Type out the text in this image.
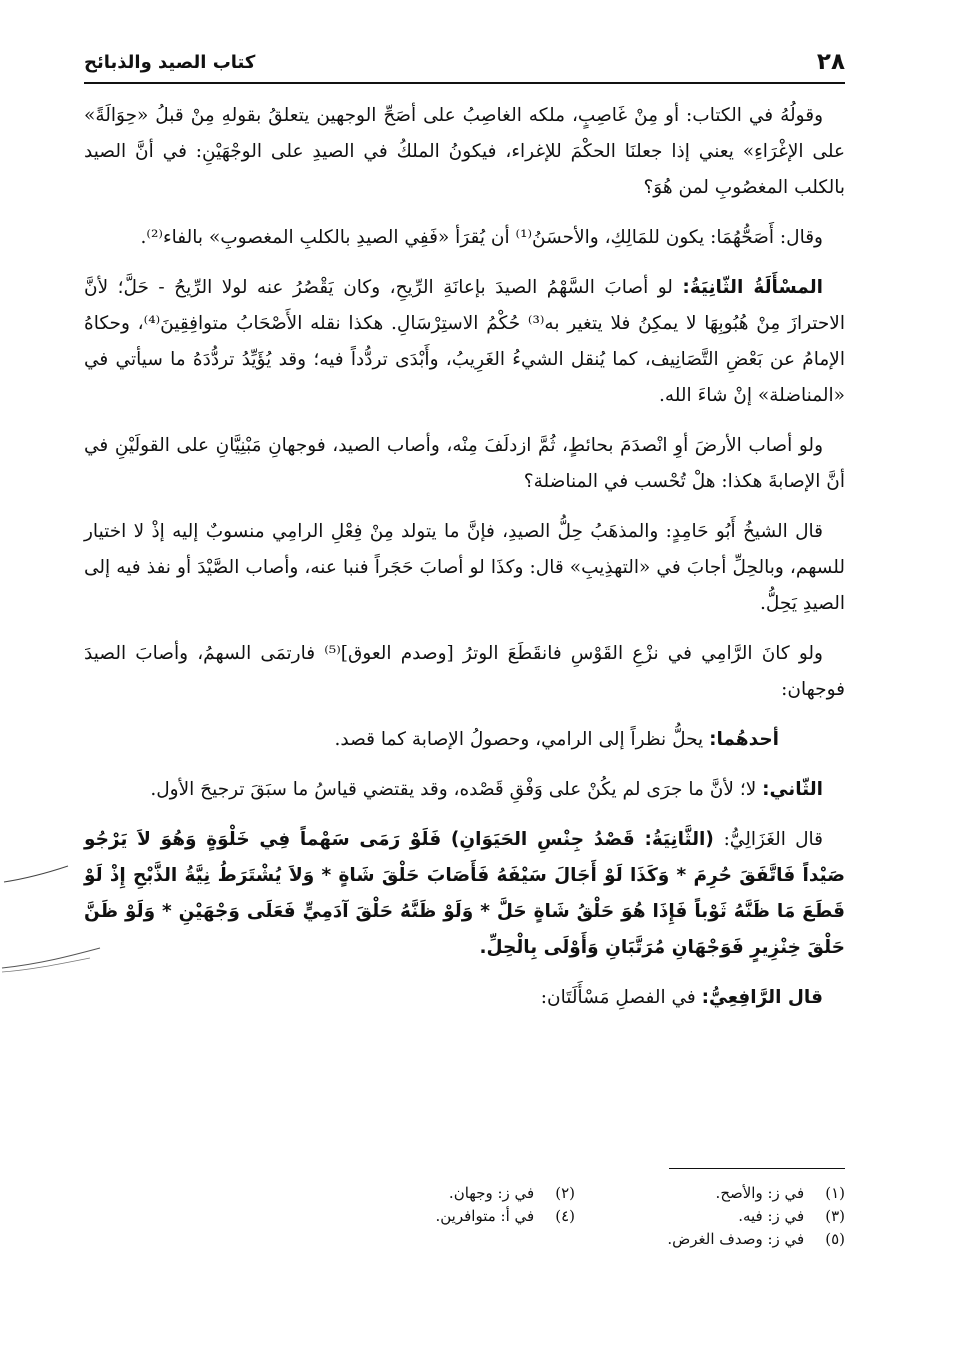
٢٨
كتاب الصيد والذبائح

وقولُهُ في الكتاب: أو مِنْ غَاصِبٍ، ملكه الغاصِبُ على أصَحِّ الوجهين يتعلقُ بقولهِ مِنْ قبلُ «حِوَالَةً» على الإغْرَاءِ» يعني إذا جعلنَا الحكْمَ للإغراء، فيكونُ الملكُ في الصيدِ على الوجْهَيْنِ: في أنَّ الصيد بالكلب المغصُوبِ لمن هُوَ؟

وقال: أَصَحُّهُمَا: يكون للمَالِكِ، والأحسَنُ⁽¹⁾ أن يُقرَأ «فَفِي الصيدِ بالكلبِ المغصوبِ» بالفاء⁽²⁾.

المسْأَلَةُ الثّانِيَةُ: لو أصابَ السَّهْمُ الصيدَ بإعانَةِ الرِّيحِ، وكان يَقْصُرُ عنه لولا الرِّيحُ - حَلَّ؛ لأنَّ الاحترازَ مِنْ هُبُوبِهَا لا يمكِنُ فلا يتغير به⁽³⁾ حُكْمُ الاستِرْسَالِ. هكذا نقله الأَصْحَابُ متوافِقِينَ⁽⁴⁾، وحكاهُ الإمامُ عن بَعْضِ التَّصَانِيف، كما يُنقل الشيءُ الغَرِيبُ، وأَبْدَى تردُّداً فيه؛ وقد يُؤَيِّدُ تردُّدَهُ ما سيأتي في «المناضلة» إنْ شاءَ الله.

ولو أصاب الأرضَ أوِ انْصدَمَ بحائطٍ، ثُمَّ ازدلَفَ مِنْه، وأصاب الصيد، فوجهانِ مَبْنِيَّانِ على القولَيْنِ في أنَّ الإصابةَ هكذا: هلْ تُحْسب في المناضلة؟

قال الشيخُ أَبُو حَامِدٍ: والمذهَبُ حِلُّ الصيدِ، فإنَّ ما يتولد مِنْ فِعْلِ الرامِي منسوبٌ إليه إذْ لا اختيار للسهم، وبالحِلِّ أجابَ في «التهذِيبِ» قال: وكذَا لو أصابَ حَجَراً فنبا عنه، وأصاب الصَّيْدَ أو نفذ فيه إلى الصيدِ يَحِلُّ.

ولو كانَ الرَّامِي في نزْعِ القَوْسِ فانقَطَعَ الوترُ [وصدم العوق]⁽⁵⁾ فارتمَى السهمُ، وأصابَ الصيدَ فوجهان:

أحدهُما: يحلُّ نظراً إلى الرامي، وحصولُ الإصابة كما قصد.

الثّاني: لا؛ لأنَّ ما جرَى لم يكُنْ على وَفْقِ قَصْده، وقد يقتضي قياسُ ما سبَقَ ترجيحَ الأول.

قال الغَزَالِيُّ: (الثَّانِيَةُ: قَصْدُ جِنْسِ الحَيَوَانِ) فَلَوْ رَمَى سَهْماً فِي خَلْوَةٍ وَهُوَ لاَ يَرْجُو صَيْداً فَاتَّفَقَ حُرِمَ * وَكَذَا لَوْ أَجَالَ سَيْفَهُ فَأَصَابَ حَلْقَ شَاةٍ * وَلاَ يُشْتَرَطُ نِيَّةُ الذَّبْحِ إِذْ لَوْ قَطَعَ مَا ظَنَّهُ ثَوْباً فَإِذَا هُوَ حَلْقُ شَاةٍ حَلَّ * وَلَوْ ظَنَّهُ حَلْقَ آدَمِيٍّ فَعَلَى وَجْهَيْنِ * وَلَوْ ظَنَّ حَلْقَ خِنْزِيرٍ فَوَجْهَانِ مُرَتَّبَانِ وَأَوْلَى بِالْحِلِّ.

قال الرَّافِعِيُّ: في الفصلِ مَسْأَلَتَان:

(١) في ز: والأصح.
(٢) في ز: وجهان.
(٣) في ز: فيه.
(٤) في أ: متوافرين.
(٥) في ز: وصدف الغرض.
